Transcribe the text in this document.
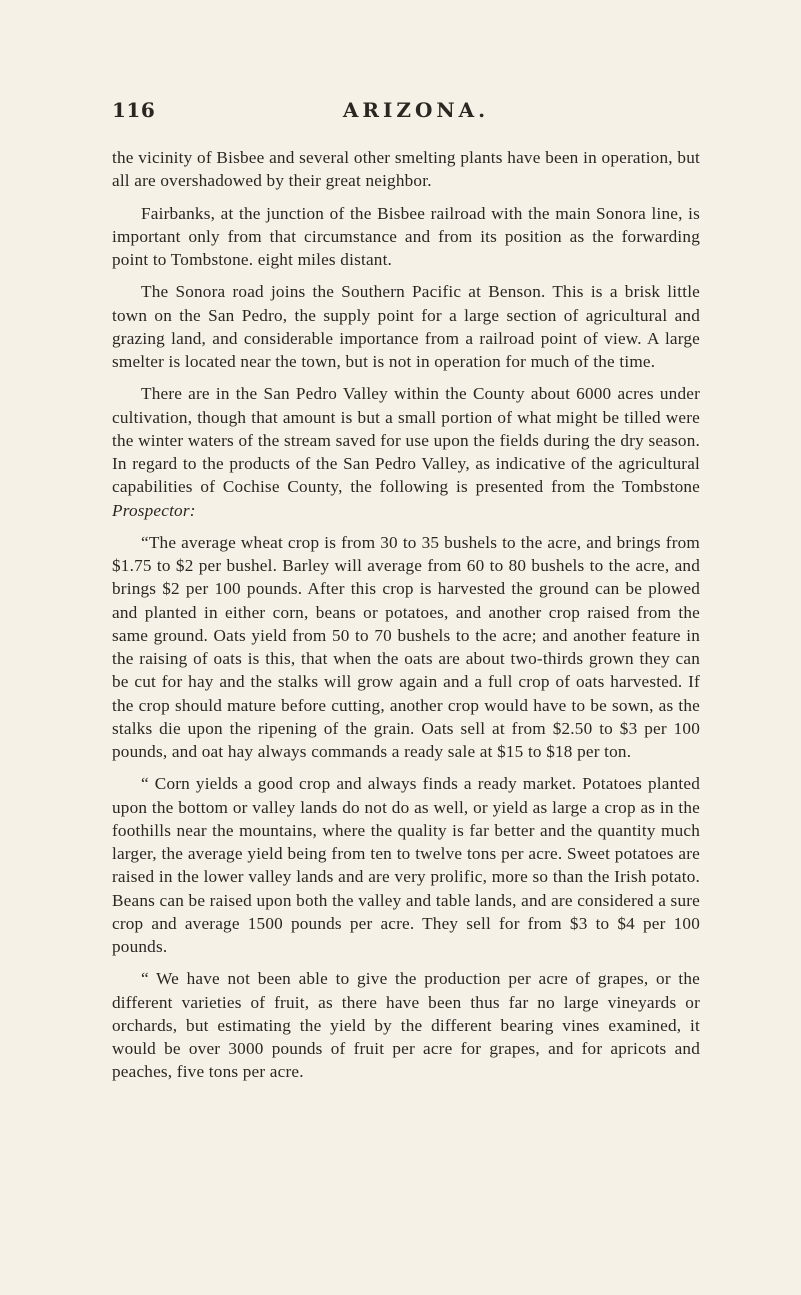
116	ARIZONA.

the vicinity of Bisbee and several other smelting plants have been in operation, but all are overshadowed by their great neighbor.

Fairbanks, at the junction of the Bisbee railroad with the main Sonora line, is important only from that circumstance and from its position as the forwarding point to Tombstone. eight miles distant.

The Sonora road joins the Southern Pacific at Benson. This is a brisk little town on the San Pedro, the supply point for a large section of agricultural and grazing land, and considerable importance from a railroad point of view. A large smelter is located near the town, but is not in operation for much of the time.

There are in the San Pedro Valley within the County about 6000 acres under cultivation, though that amount is but a small portion of what might be tilled were the winter waters of the stream saved for use upon the fields during the dry season. In regard to the products of the San Pedro Valley, as indicative of the agricultural capabilities of Cochise County, the following is presented from the Tombstone Prospector:

“The average wheat crop is from 30 to 35 bushels to the acre, and brings from $1.75 to $2 per bushel. Barley will average from 60 to 80 bushels to the acre, and brings $2 per 100 pounds. After this crop is harvested the ground can be plowed and planted in either corn, beans or potatoes, and another crop raised from the same ground. Oats yield from 50 to 70 bushels to the acre; and another feature in the raising of oats is this, that when the oats are about two-thirds grown they can be cut for hay and the stalks will grow again and a full crop of oats harvested. If the crop should mature before cutting, another crop would have to be sown, as the stalks die upon the ripening of the grain. Oats sell at from $2.50 to $3 per 100 pounds, and oat hay always commands a ready sale at $15 to $18 per ton.

“ Corn yields a good crop and always finds a ready market. Potatoes planted upon the bottom or valley lands do not do as well, or yield as large a crop as in the foothills near the mountains, where the quality is far better and the quantity much larger, the average yield being from ten to twelve tons per acre. Sweet potatoes are raised in the lower valley lands and are very prolific, more so than the Irish potato. Beans can be raised upon both the valley and table lands, and are considered a sure crop and average 1500 pounds per acre. They sell for from $3 to $4 per 100 pounds.

“ We have not been able to give the production per acre of grapes, or the different varieties of fruit, as there have been thus far no large vineyards or orchards, but estimating the yield by the different bearing vines examined, it would be over 3000 pounds of fruit per acre for grapes, and for apricots and peaches, five tons per acre.
